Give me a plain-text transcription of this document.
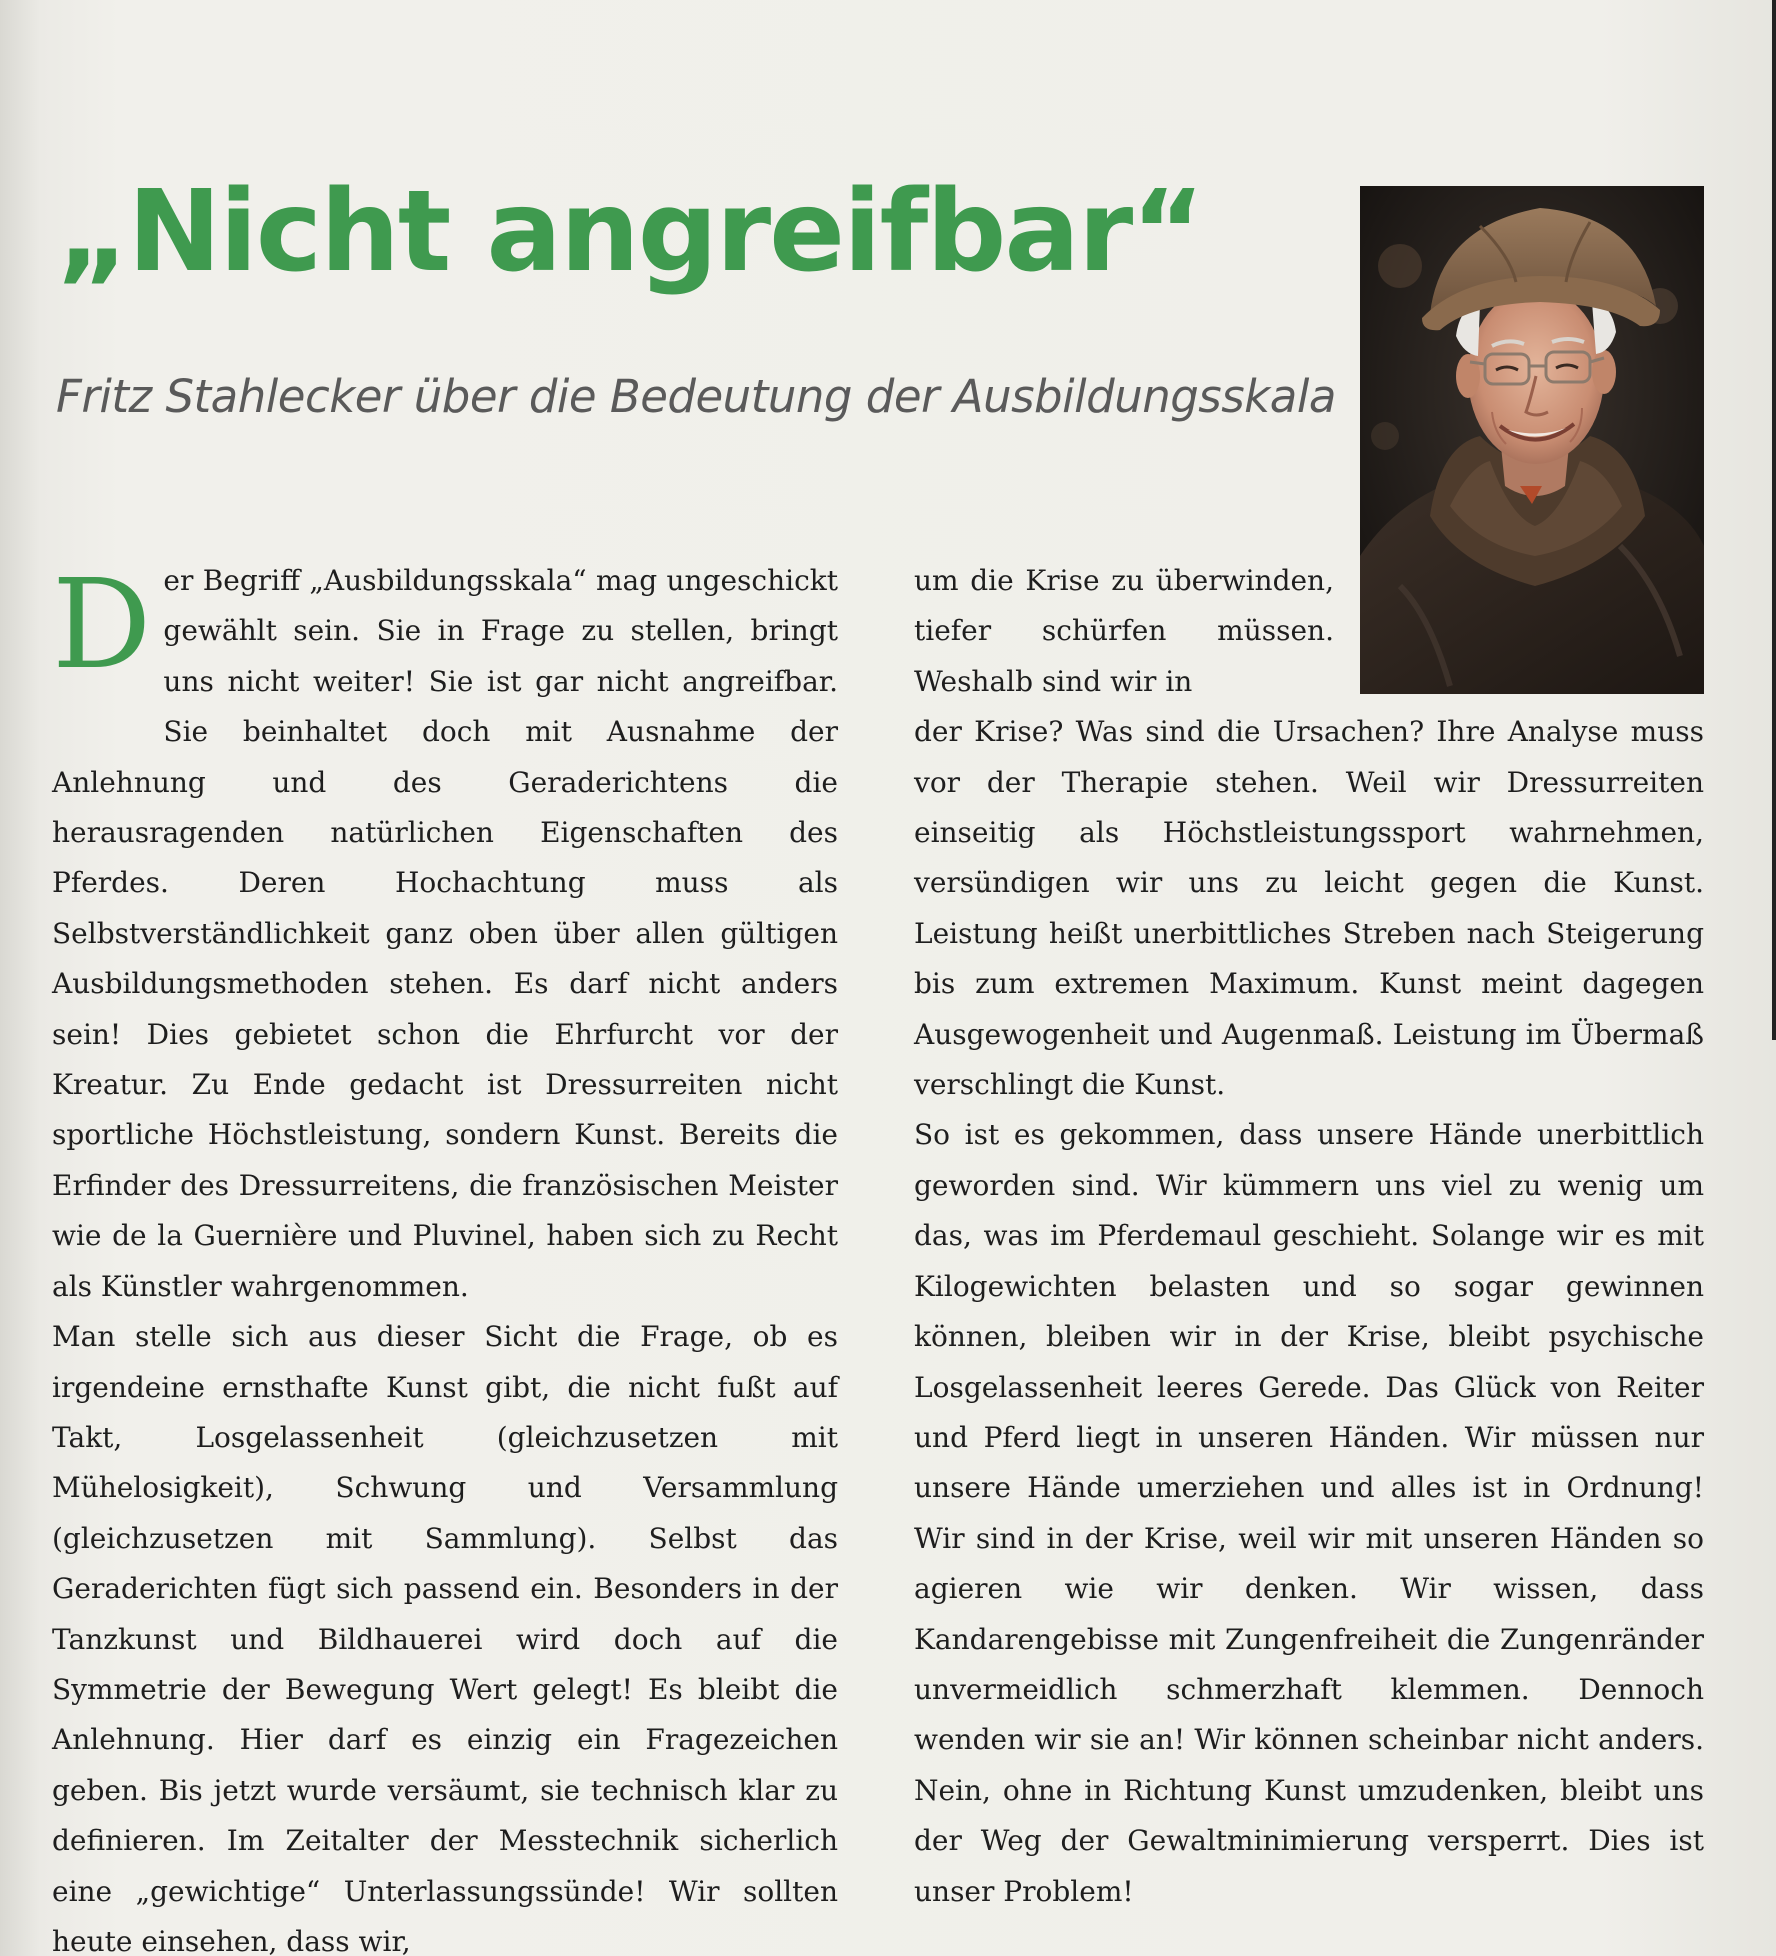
„Nicht angreifbar“
Fritz Stahlecker über die Bedeutung der Ausbildungsskala

Der Begriff „Ausbildungsskala“ mag ungeschickt gewählt sein. Sie in Frage zu stellen, bringt uns nicht weiter! Sie ist gar nicht angreifbar. Sie beinhaltet doch mit Ausnahme der Anlehnung und des Geraderichtens die herausragenden natürlichen Eigenschaften des Pferdes. Deren Hochachtung muss als Selbstverständlichkeit ganz oben über allen gültigen Ausbildungsmethoden stehen. Es darf nicht anders sein! Dies gebietet schon die Ehrfurcht vor der Kreatur. Zu Ende gedacht ist Dressurreiten nicht sportliche Höchstleistung, sondern Kunst. Bereits die Erfinder des Dressurreitens, die französischen Meister wie de la Guernière und Pluvinel, haben sich zu Recht als Künstler wahrgenommen.

Man stelle sich aus dieser Sicht die Frage, ob es irgendeine ernsthafte Kunst gibt, die nicht fußt auf Takt, Losgelassenheit (gleichzusetzen mit Mühelosigkeit), Schwung und Versammlung (gleichzusetzen mit Sammlung). Selbst das Geraderichten fügt sich passend ein. Besonders in der Tanzkunst und Bildhauerei wird doch auf die Symmetrie der Bewegung Wert gelegt! Es bleibt die Anlehnung. Hier darf es einzig ein Fragezeichen geben. Bis jetzt wurde versäumt, sie technisch klar zu definieren. Im Zeitalter der Messtechnik sicherlich eine „gewichtige“ Unterlassungssünde! Wir sollten heute einsehen, dass wir,

um die Krise zu überwinden, tiefer schürfen müssen. Weshalb sind wir in

der Krise? Was sind die Ursachen? Ihre Analyse muss vor der Therapie stehen. Weil wir Dressurreiten einseitig als Höchstleistungssport wahrnehmen, versündigen wir uns zu leicht gegen die Kunst. Leistung heißt unerbittliches Streben nach Steigerung bis zum extremen Maximum. Kunst meint dagegen Ausgewogenheit und Augenmaß. Leistung im Übermaß verschlingt die Kunst.

So ist es gekommen, dass unsere Hände unerbittlich geworden sind. Wir kümmern uns viel zu wenig um das, was im Pferdemaul geschieht. Solange wir es mit Kilogewichten belasten und so sogar gewinnen können, bleiben wir in der Krise, bleibt psychische Losgelassenheit leeres Gerede. Das Glück von Reiter und Pferd liegt in unseren Händen. Wir müssen nur unsere Hände umerziehen und alles ist in Ordnung! Wir sind in der Krise, weil wir mit unseren Händen so agieren wie wir denken. Wir wissen, dass Kandarengebisse mit Zungenfreiheit die Zungenränder unvermeidlich schmerzhaft klemmen. Dennoch wenden wir sie an! Wir können scheinbar nicht anders. Nein, ohne in Richtung Kunst umzudenken, bleibt uns der Weg der Gewaltminimierung versperrt. Dies ist unser Problem!
